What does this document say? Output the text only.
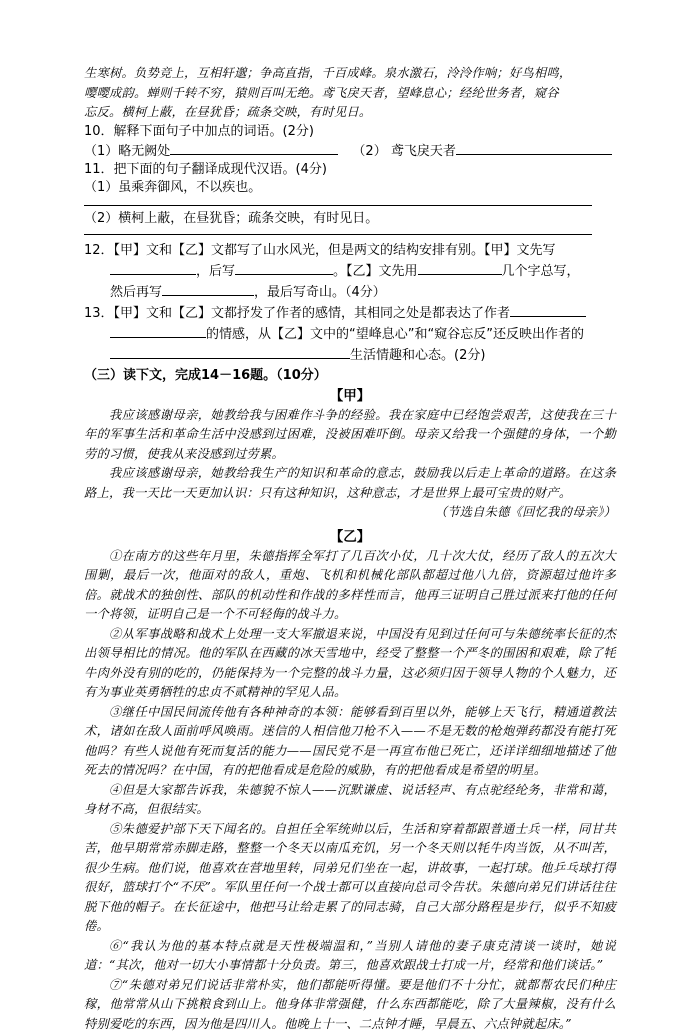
生寒树。负势竞上，互相轩邈；争高直指，千百成峰。泉水激石，泠泠作响；好鸟相鸣，
嘤嘤成韵。蝉则千转不穷，猿则百叫无绝。鸢飞戾天者，望峰息心；经纶世务者，窥谷
忘反。横柯上蔽，在昼犹昏；疏条交映，有时见日。

10．解释下面句子中加点的词语。(2分)

（1）略无阙处	（2） 鸢飞戾天者

11．把下面的句子翻译成现代汉语。(4分)

（1）虽乘奔御风，不以疾也。

（2）横柯上蔽，在昼犹昏；疏条交映，有时见日。

12．【甲】文和【乙】文都写了山水风光，但是两文的结构安排有别。【甲】文先写

，后写	。【乙】文先用	几个字总写，

然后再写	，最后写奇山。（4分）

13．【甲】文和【乙】文都抒发了作者的感情，其相同之处是都表达了作者

的情感，从【乙】文中的“望峰息心”和“窥谷忘反”还反映出作者的

生活情趣和心态。(2分)

（三）读下文，完成14－16题。（10分）

【甲】

我应该感谢母亲，她教给我与困难作斗争的经验。我在家庭中已经饱尝艰苦，这使我在三十年的军事生活和革命生活中没感到过困难，没被困难吓倒。母亲又给我一个强健的身体，一个勤劳的习惯，使我从来没感到过劳累。

我应该感谢母亲，她教给我生产的知识和革命的意志，鼓励我以后走上革命的道路。在这条路上，我一天比一天更加认识：只有这种知识，这种意志，才是世界上最可宝贵的财产。

（节选自朱德《回忆我的母亲》）

【乙】

①在南方的这些年月里，朱德指挥全军打了几百次小仗，几十次大仗，经历了敌人的五次大围剿，最后一次，他面对的敌人，重炮、飞机和机械化部队都超过他八九倍，资源超过他许多倍。就战术的独创性、部队的机动性和作战的多样性而言，他再三证明自己胜过派来打他的任何一个将领，证明自己是一个不可轻侮的战斗力。

②从军事战略和战术上处理一支大军撤退来说，中国没有见到过任何可与朱德统率长征的杰出领导相比的情况。他的军队在西藏的冰天雪地中，经受了整整一个严冬的围困和艰难，除了牦牛肉外没有别的吃的，仍能保持为一个完整的战斗力量，这必须归因于领导人物的个人魅力，还有为事业英勇牺牲的忠贞不贰精神的罕见人品。

③继任中国民间流传他有各种神奇的本领：能够看到百里以外，能够上天飞行，精通道教法术，诸如在敌人面前呼风唤雨。迷信的人相信他刀枪不入——不是无数的枪炮弹药都没有能打死他吗？有些人说他有死而复活的能力——国民党不是一再宣布他已死亡，还详详细细地描述了他死去的情况吗？在中国，有的把他看成是危险的威胁，有的把他看成是希望的明星。

④但是大家都告诉我，朱德貌不惊人——沉默谦虚、说话轻声、有点驼经纶务，非常和蔼，身材不高，但很结实。

⑤朱德爱护部下天下闻名的。自担任全军统帅以后，生活和穿着都跟普通士兵一样，同甘共苦，他早期常常赤脚走路，整整一个冬天以南瓜充饥，另一个冬天则以牦牛肉当饭，从不叫苦，很少生病。他们说，他喜欢在营地里转，同弟兄们坐在一起，讲故事，一起打球。他乒乓球打得很好，篮球打个“不厌”。军队里任何一个战士都可以直接向总司令告状。朱德向弟兄们讲话往往脱下他的帽子。在长征途中，他把马让给走累了的同志骑，自己大部分路程是步行，似乎不知疲倦。

⑥“我认为他的基本特点就是天性极端温和，”当别人请他的妻子康克清谈一谈时，她说道：“其次，他对一切大小事情都十分负责。第三，他喜欢跟战士打成一片，经常和他们谈话。”

⑦“朱德对弟兄们说话非常朴实，他们都能听得懂。要是他们不十分忙，就都帮农民们种庄稼，他常常从山下挑粮食到山上。他身体非常强健，什么东西都能吃，除了大量辣椒，没有什么特别爱吃的东西，因为他是四川人。他晚上十一、二点钟才睡，早晨五、六点钟就起床。”
